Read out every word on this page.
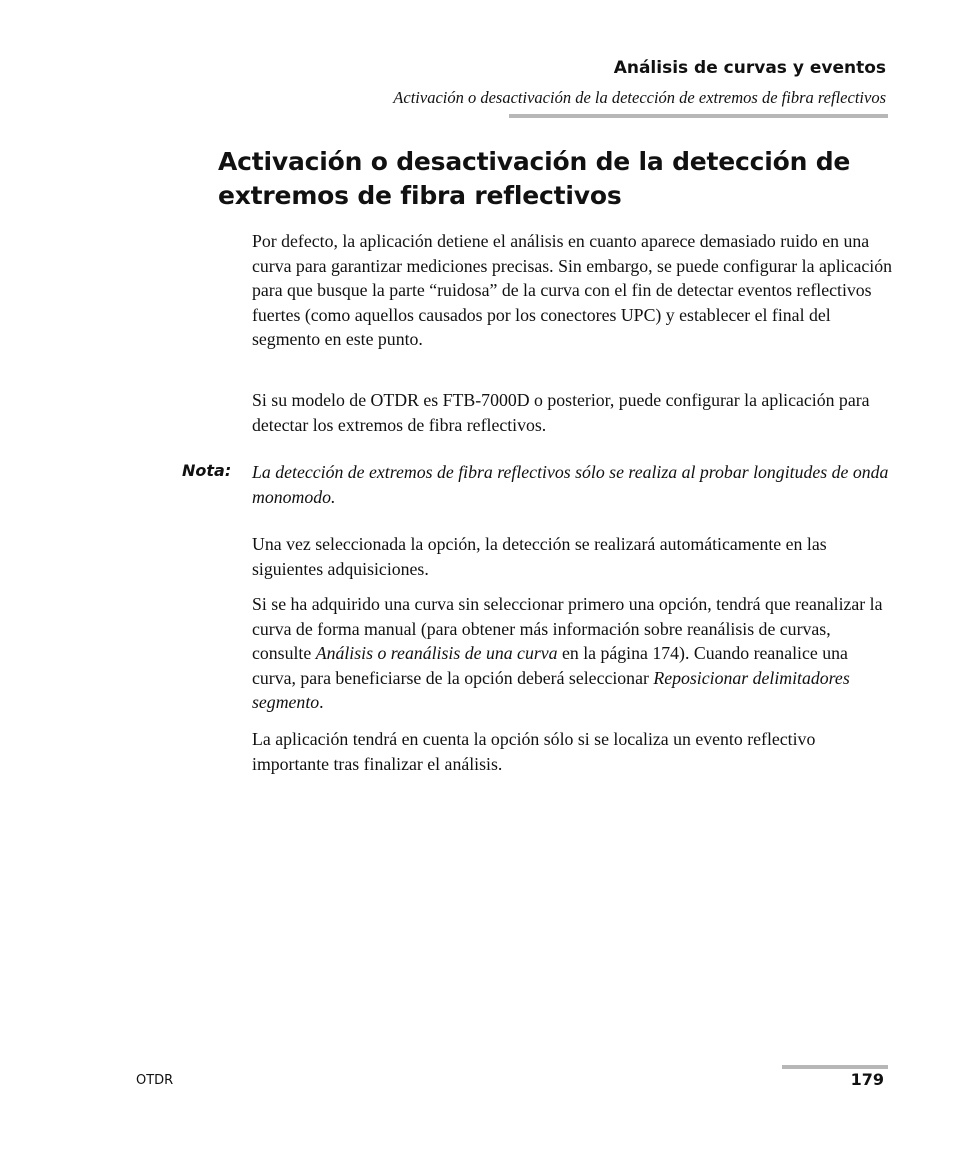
Análisis de curvas y eventos
Activación o desactivación de la detección de extremos de fibra reflectivos
Activación o desactivación de la detección de extremos de fibra reflectivos

Por defecto, la aplicación detiene el análisis en cuanto aparece demasiado ruido en una curva para garantizar mediciones precisas. Sin embargo, se puede configurar la aplicación para que busque la parte “ruidosa” de la curva con el fin de detectar eventos reflectivos fuertes (como aquellos causados por los conectores UPC) y establecer el final del segmento en este punto.

Si su modelo de OTDR es FTB-7000D o posterior, puede configurar la aplicación para detectar los extremos de fibra reflectivos.

Nota: La detección de extremos de fibra reflectivos sólo se realiza al probar longitudes de onda monomodo.

Una vez seleccionada la opción, la detección se realizará automáticamente en las siguientes adquisiciones.

Si se ha adquirido una curva sin seleccionar primero una opción, tendrá que reanalizar la curva de forma manual (para obtener más información sobre reanálisis de curvas, consulte Análisis o reanálisis de una curva en la página 174). Cuando reanalice una curva, para beneficiarse de la opción deberá seleccionar Reposicionar delimitadores segmento.

La aplicación tendrá en cuenta la opción sólo si se localiza un evento reflectivo importante tras finalizar el análisis.

OTDR	179
